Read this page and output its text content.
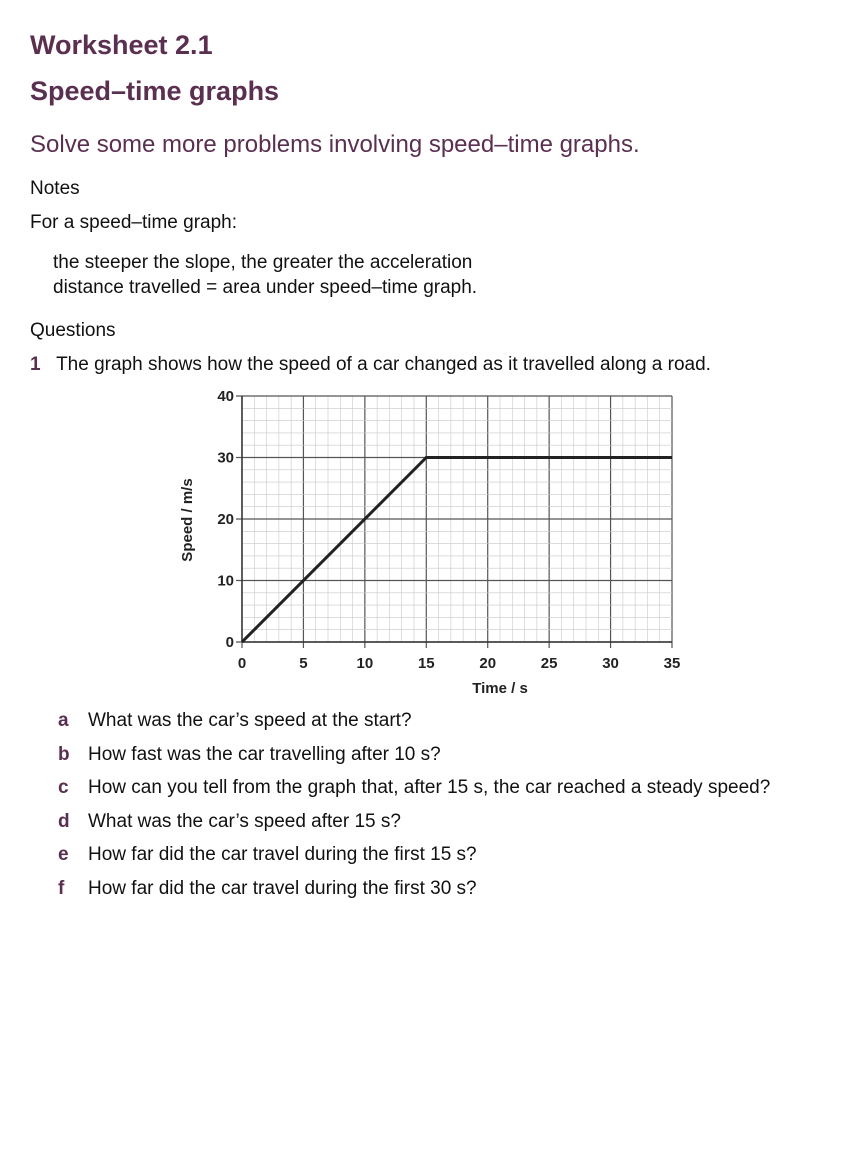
Worksheet 2.1
Speed–time graphs
Solve some more problems involving speed–time graphs.
Notes
For a speed–time graph:
the steeper the slope, the greater the acceleration
distance travelled = area under speed–time graph.
Questions
1 The graph shows how the speed of a car changed as it travelled along a road.
0	5	10	15	20	25	30	35
0
10
20
30
40
Time / s
Speed / m/s
a What was the car’s speed at the start?
b How fast was the car travelling after 10 s?
c How can you tell from the graph that, after 15 s, the car reached a steady speed?
d What was the car’s speed after 15 s?
e How far did the car travel during the first 15 s?
f How far did the car travel during the first 30 s?
